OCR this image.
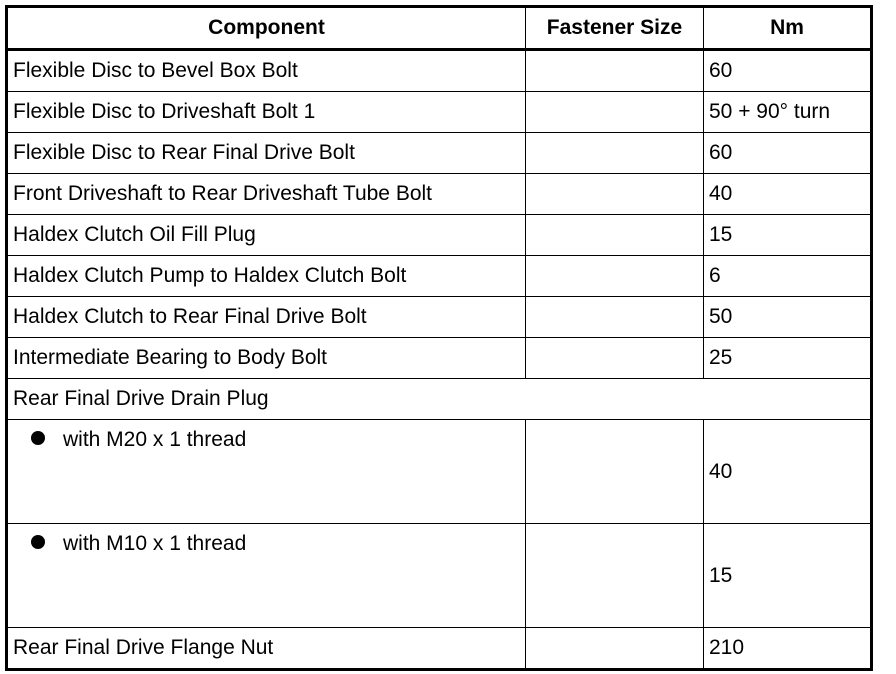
Component	Fastener Size	Nm
Flexible Disc to Bevel Box Bolt		60
Flexible Disc to Driveshaft Bolt 1		50 + 90° turn
Flexible Disc to Rear Final Drive Bolt		60
Front Driveshaft to Rear Driveshaft Tube Bolt		40
Haldex Clutch Oil Fill Plug		15
Haldex Clutch Pump to Haldex Clutch Bolt		6
Haldex Clutch to Rear Final Drive Bolt		50
Intermediate Bearing to Body Bolt		25
Rear Final Drive Drain Plug		
with M20 x 1 thread		40
with M10 x 1 thread		15
Rear Final Drive Flange Nut		210
